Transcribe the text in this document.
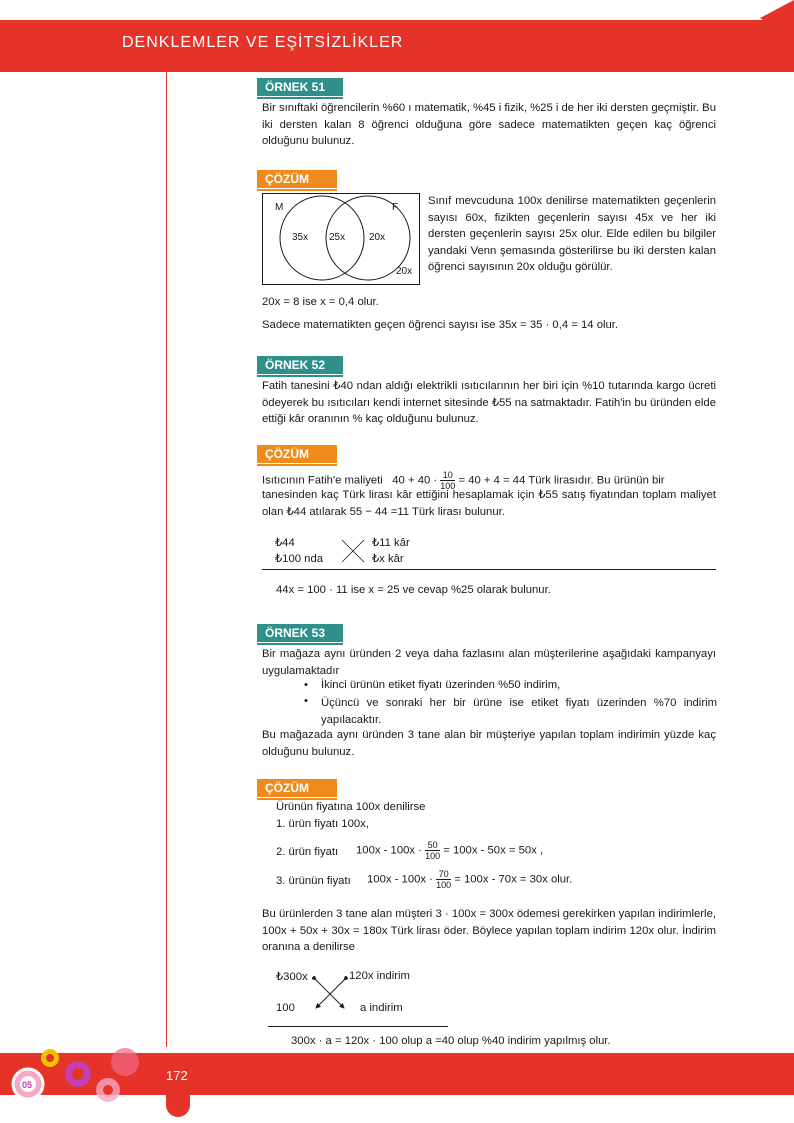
DENKLEMLER VE EŞİTSİZLİKLER
ÖRNEK 51
Bir sınıftaki öğrencilerin %60 ı matematik, %45 i fizik, %25 i de her iki dersten geçmiştir. Bu iki dersten kalan 8 öğrenci olduğuna göre sadece matematikten geçen kaç öğrenci olduğunu bulunuz.
ÇÖZÜM
M	F
35x 25x 20x
20x
Sınıf mevcuduna 100x denilirse matematikten geçenlerin sayısı 60x, fizikten geçenlerin sayısı 45x ve her iki dersten geçenlerin sayısı 25x olur. Elde edilen bu bilgiler yandaki Venn şemasında gösterilirse bu iki dersten kalan öğrenci sayısının 20x olduğu görülür.
20x = 8 ise x = 0,4 olur.
Sadece matematikten geçen öğrenci sayısı ise 35x = 35 · 0,4 = 14 olur.
ÖRNEK 52
Fatih tanesini ₺40 ndan aldığı elektrikli ısıtıcılarının her biri için %10 tutarında kargo ücreti ödeyerek bu ısıtıcıları kendi internet sitesinde ₺55 na satmaktadır. Fatih'in bu üründen elde ettiği kâr oranının % kaç olduğunu bulunuz.
ÇÖZÜM
Isıtıcının Fatih'e maliyeti $40 + 40 \cdot \frac{10}{100} = 40 + 4 = 44$ Türk lirasıdır. Bu ürünün bir
tanesinden kaç Türk lirası kâr ettiğini hesaplamak için ₺55 satış fiyatından toplam maliyet olan ₺44 atılarak 55 − 44 =11 Türk lirası bulunur.
₺44	₺11 kâr
₺100 nda	₺x kâr
44x = 100 · 11 ise x = 25 ve cevap %25 olarak bulunur.
ÖRNEK 53
Bir mağaza aynı üründen 2 veya daha fazlasını alan müşterilerine aşağıdaki kampanyayı uygulamaktadır
• İkinci ürünün etiket fiyatı üzerinden %50 indirim,
• Üçüncü ve sonraki her bir ürüne ise etiket fiyatı üzerinden %70 indirim yapılacaktır.
Bu mağazada aynı üründen 3 tane alan bir müşteriye yapılan toplam indirimin yüzde kaç olduğunu bulunuz.
ÇÖZÜM
Ürünün fiyatına 100x denilirse
1. ürün fiyatı 100x,
2. ürün fiyatı $100x - 100x \cdot \frac{50}{100} = 100x - 50x = 50x$ ,
3. ürünün fiyatı $100x - 100x \cdot \frac{70}{100} = 100x - 70x = 30x$ olur.
Bu ürünlerden 3 tane alan müşteri 3 · 100x = 300x ödemesi gerekirken yapılan indirimlerle, 100x + 50x + 30x = 180x Türk lirası öder. Böylece yapılan toplam indirim 120x olur. İndirim oranına a denilirse
₺300x	120x indirim
100	a indirim
300x · a = 120x · 100 olup a =40 olup %40 indirim yapılmış olur.
172
05
